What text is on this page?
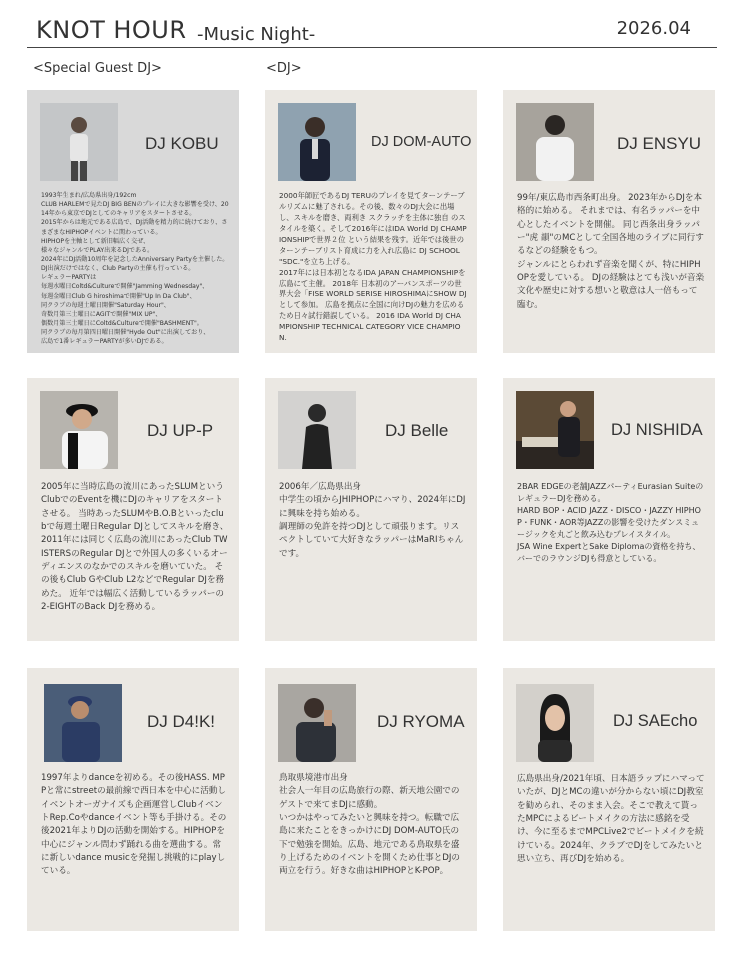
KNOT HOUR -Music Night-	2026.04
<Special Guest DJ>	<DJ>
DJ KOBU
1993年生まれ/広島県出身/192cm
CLUB HARLEMで見たDJ BIG BENのプレイに大きな影響を受け、2014年から東京でDJとしてのキャリアをスタートさせる。
2015年からは地元である広島で、DJ活動を精力的に続けており、さまざまなHIPHOPイベントに関わっている。
HIPHOPを主軸として新旧幅広く交ぜ、
様々なジャンルでPLAY出来るDJである。
2024年にDJ活動10周年を記念したAnniversary Partyを主催した。DJ出演だけではなく、Club Partyの主催も行っている。
レギュラーPARTYは
毎週水曜日Coltd&Cultureで開催"Jamming Wednesday"、
毎週金曜日Club G hiroshimaで開催"Up In Da Club"、
同クラブの毎週土曜日開催"Saturday Hour"、
奇数月第三土曜日にAGITで開催"MIX UP"、
偶数月第三土曜日にColtd&Cultureで開催"BASHMENT"。
同クラブの毎月第四日曜日開催"Hyde Out"に出演しており、
広島で1番レギュラーPARTYが多いDJである。
DJ DOM-AUTO
2000年師匠であるDJ TERUのプレイを見てターンテーブルリズムに魅了される。その後、数々のDJ大会に出場し、スキルを磨き、両利き スクラッチを主体に独自 のスタイルを築く。そして2016年にはIDA World DJ CHAMPIONSHIPで世界２位 という結果を残す。近年では後世のターンテーブリスト育成に力を入れ広島に DJ SCHOOL "SDC."を立ち上げる。
2017年には日本初となるIDA JAPAN CHAMPIONSHIPを広島にて主催。 2018年 日本初のアーバンスポーツの世界大会「FISE WORLD SERISE HIROSHIMAにSHOW DJとして参加。 広島を拠点に全国に向けDJの魅力を広めるため日々試行錯誤している。 2016 IDA World DJ CHAMPIONSHIP TECHNICAL CATEGORY VICE CHAMPION.
DJ ENSYU
99年/東広島市西条町出身。 2023年からDJを本格的に始める。 それまでは、有名ラッパーを中心としたイベントを開催。 同じ西条出身ラッパー"虎 韻"のMCとして全国各地のライブに同行するなどの経験をもつ。
ジャンルにとらわれず音楽を聞くが、特にHIPHOPを愛している。 DJの経験はとても浅いが音楽文化や歴史に対する想いと敬意は人一倍もって臨む。
DJ UP-P
2005年に当時広島の流川にあったSLUMというClubでのEventを機にDJのキャリアをスタートさせる。 当時あったSLUMやB.O.Bといったclubで毎週土曜日Regular DJとしてスキルを磨き、 2011年には同じく広島の流川にあったClub TWISTERSのRegular DJとで外国人の多くいるオーディエンスのなかでのスキルを磨いていた。 その後もClub GやClub L2などでRegular DJを務めた。 近年では幅広く活動しているラッパーの2-EIGHTのBack DJを務める。
DJ Belle
2006年／広島県出身
中学生の頃からJHIPHOPにハマり、2024年にDJに興味を持ち始める。
調理師の免許を持つDJとして頑張ります。リスペクトしていて大好きなラッパーはMaRIちゃんです。
DJ NISHIDA
2BAR EDGEの老舗JAZZパーティEurasian SuiteのレギュラーDJを務める。
HARD BOP・ACID JAZZ・DISCO・JAZZY HIPHOP・FUNK・AOR等JAZZの影響を受けたダンスミュージックを丸ごと飲み込むプレイスタイル。
JSA Wine ExpertとSake Diplomaの資格を持ち、バーでのラウンジDJも得意としている。
DJ D4!K!
1997年よりdanceを初める。その後HASS. MPPと常にstreetの最前線で西日本を中心に活動しイベントオーガナイズも企画運営しClubイベントRep.Coやdanceイベント等も手掛ける。その後2021年よりDJの活動を開始する。HIPHOPを中心にジャンル問わず踊れる曲を選曲する。常に新しいdance musicを発掘し挑戦的にplayしている。
DJ RYOMA
鳥取県境港市出身
社会人一年目の広島旅行の際、新天地公園でのゲストで来てまDJに感動。
いつかはやってみたいと興味を持つ。転職で広島に来たことをきっかけにDJ DOM-AUTO氏の下で勉強を開始。広島、地元である鳥取県を盛り上げるためのイベントを開くため仕事とDJの両立を行う。好きな曲はHIPHOPとK-POP。
DJ SAEcho
広島県出身/2021年頃、日本語ラップにハマっていたが、DJとMCの違いが分からない頃にDJ教室を勧められ、そのまま入会。そこで教えて貰ったMPCによるビートメイクの方法に感銘を受け、今に至るまでMPCLive2でビートメイクを続けている。2024年、クラブでDJをしてみたいと思い立ち、再びDJを始める。
